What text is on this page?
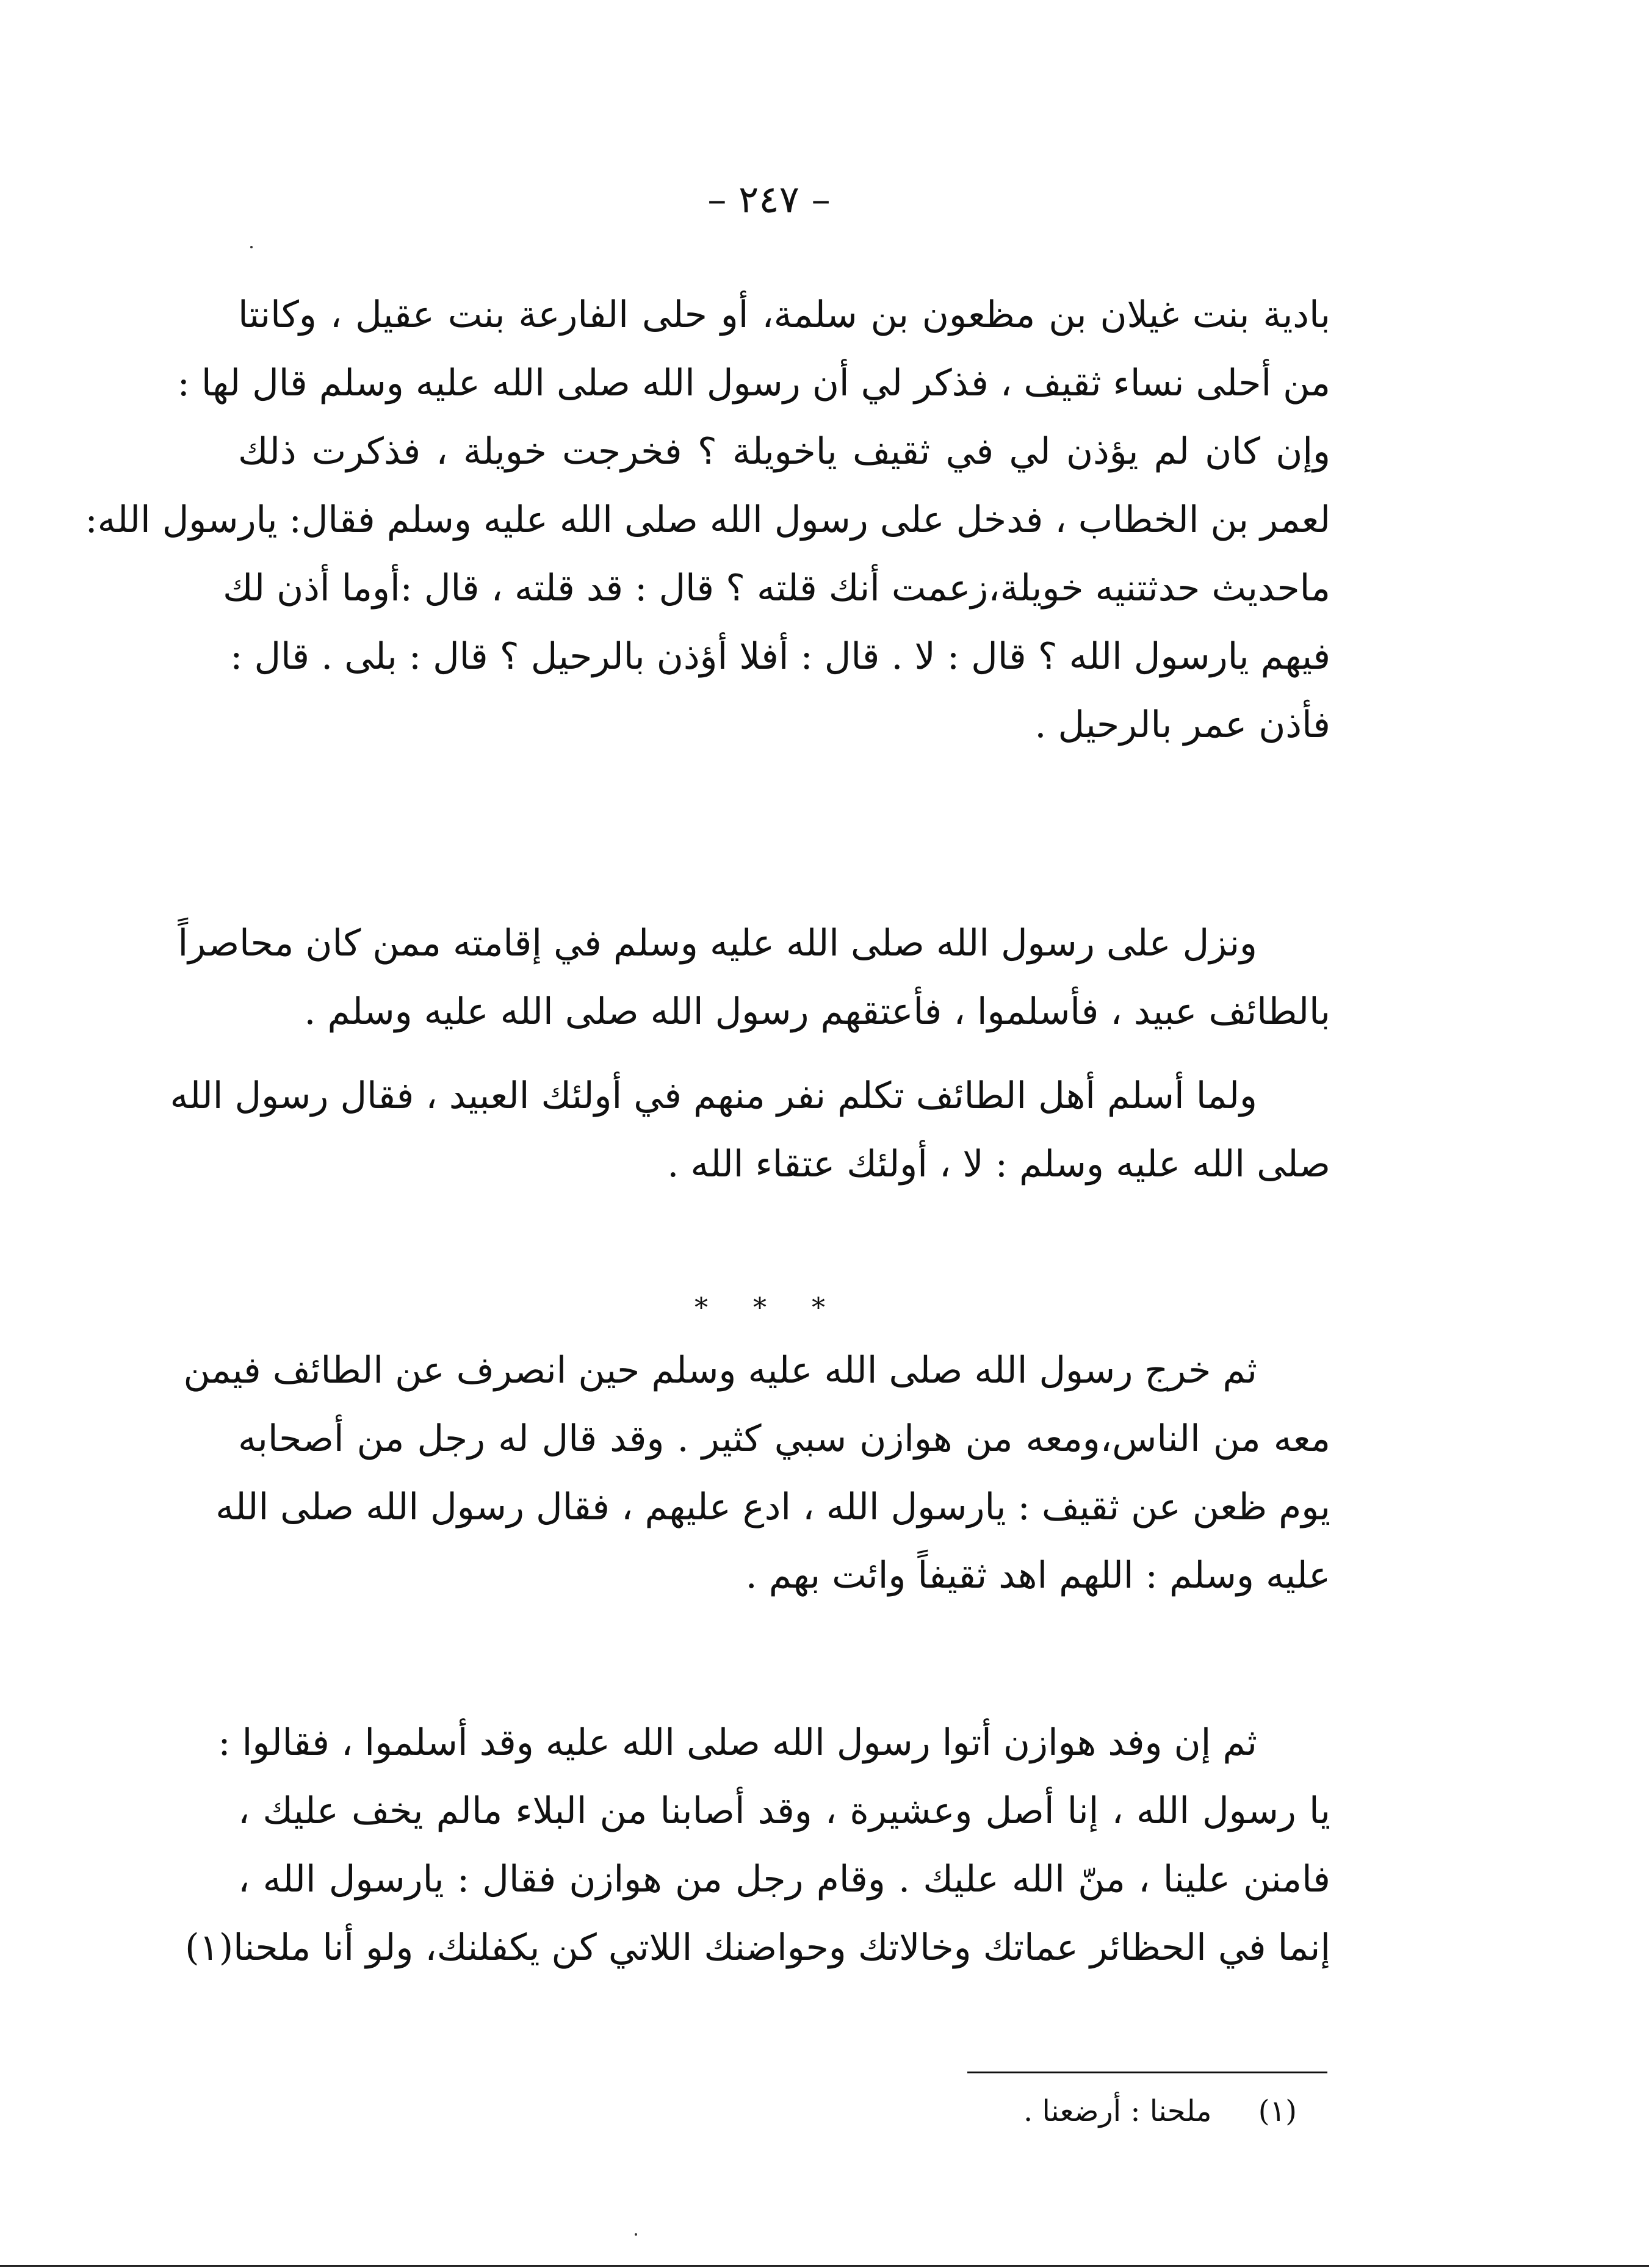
– ٢٤٧ –
بادية بنت غيلان بن مظعون بن سلمة، أو حلى الفارعة بنت عقيل ، وكانتا
من أحلى نساء ثقيف ، فذكر لي أن رسول الله صلى الله عليه وسلم قال لها :
وإن كان لم يؤذن لي في ثقيف ياخويلة ؟ فخرجت خويلة ، فذكرت ذلك
لعمر بن الخطاب ، فدخل على رسول الله صلى الله عليه وسلم فقال: يارسول الله:
ماحديث حدثتنيه خويلة،زعمت أنك قلته ؟ قال : قد قلته ، قال :أوما أذن لك
فيهم يارسول الله ؟ قال : لا . قال : أفلا أؤذن بالرحيل ؟ قال : بلى . قال :
فأذن عمر بالرحيل .
ونزل على رسول الله صلى الله عليه وسلم في إقامته ممن كان محاصراً
بالطائف عبيد ، فأسلموا ، فأعتقهم رسول الله صلى الله عليه وسلم .
ولما أسلم أهل الطائف تكلم نفر منهم في أولئك العبيد ، فقال رسول الله
صلى الله عليه وسلم : لا ، أولئك عتقاء الله .
* * *
ثم خرج رسول الله صلى الله عليه وسلم حين انصرف عن الطائف فيمن
معه من الناس،ومعه من هوازن سبي كثير . وقد قال له رجل من أصحابه
يوم ظعن عن ثقيف : يارسول الله ، ادع عليهم ، فقال رسول الله صلى الله
عليه وسلم : اللهم اهد ثقيفاً وائت بهم .
ثم إن وفد هوازن أتوا رسول الله صلى الله عليه وقد أسلموا ، فقالوا :
يا رسول الله ، إنا أصل وعشيرة ، وقد أصابنا من البلاء مالم يخف عليك ،
فامنن علينا ، منّ الله عليك . وقام رجل من هوازن فقال : يارسول الله ،
إنما في الحظائر عماتك وخالاتك وحواضنك اللاتي كن يكفلنك، ولو أنا ملحنا(١)
(١)     ملحنا : أرضعنا .
